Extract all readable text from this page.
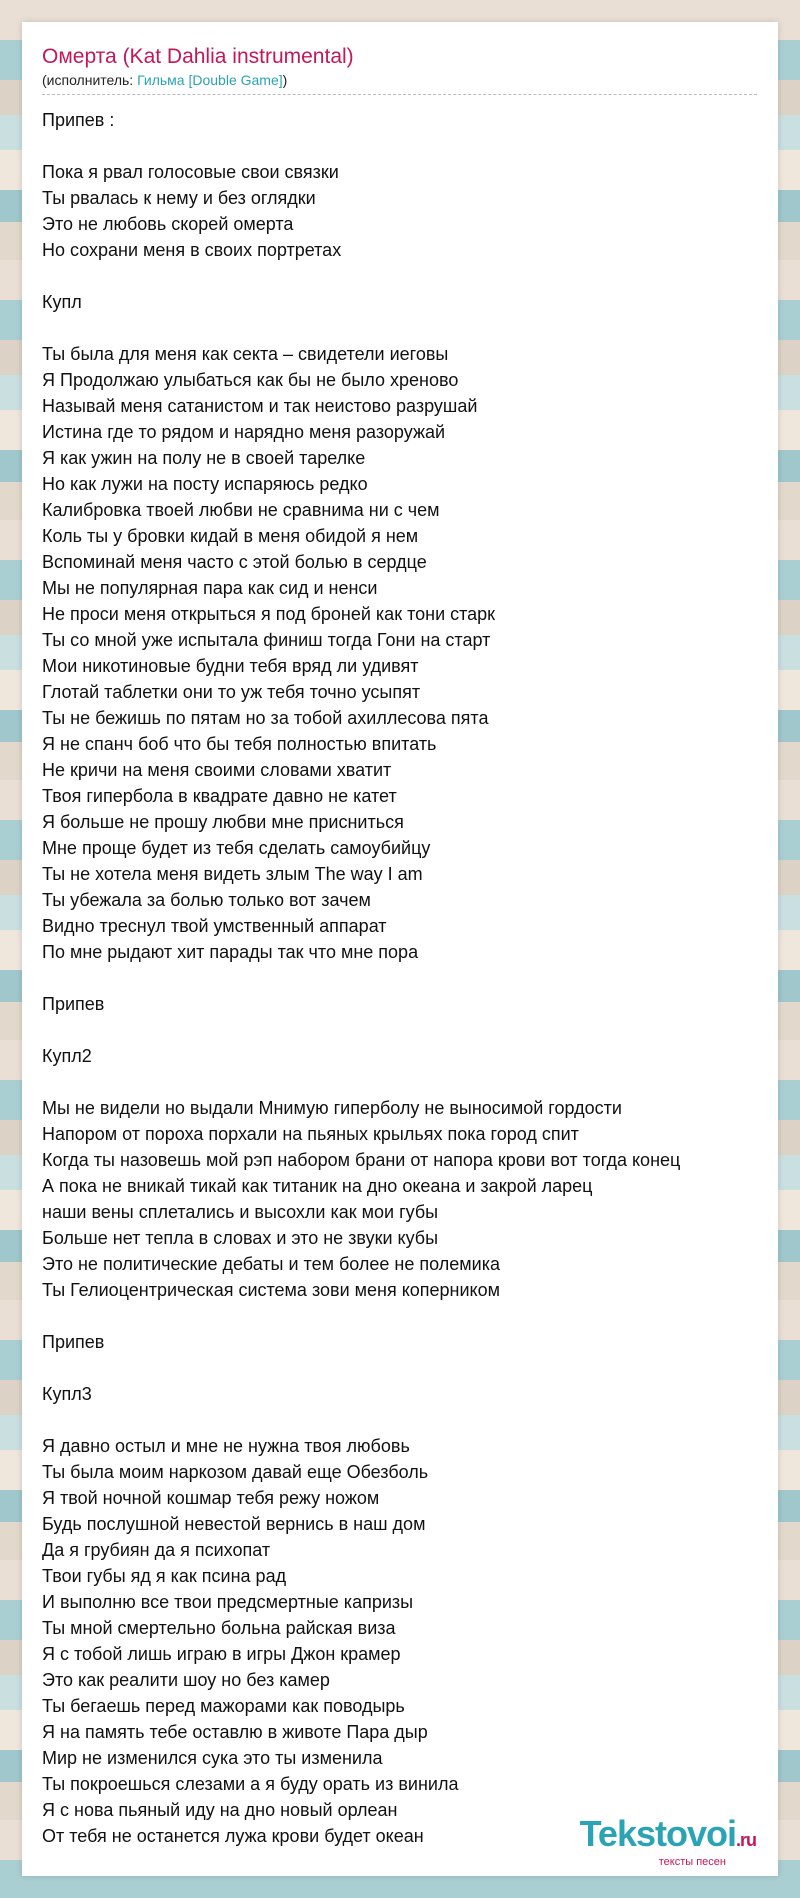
Омерта (Kat Dahlia instrumental)
(исполнитель: Гильма [Double Game])
Припев :

Пока я рвал голосовые свои связки
Ты рвалась к нему и без оглядки
Это не любовь скорей омерта
Но сохрани меня в своих портретах

Купл

Ты была для меня как секта – свидетели иеговы
Я Продолжаю улыбаться как бы не было хреново
Называй меня сатанистом и так неистово разрушай
Истина где то рядом и нарядно меня разоружай
Я как ужин на полу не в своей тарелке
Но как лужи на посту испаряюсь редко
Калибровка твоей любви не сравнима ни с чем
Коль ты у бровки кидай в меня обидой я нем
Вспоминай меня часто с этой болью в сердце
Мы не популярная пара как сид и ненси
Не проси меня открыться я под броней как тони старк
Ты со мной уже испытала финиш тогда Гони на старт
Мои никотиновые будни тебя вряд ли удивят
Глотай таблетки они то уж тебя точно усыпят
Ты не бежишь по пятам но за тобой ахиллесова пята
Я не спанч боб что бы тебя полностью впитать
Не кричи на меня своими словами хватит
Твоя гипербола в квадрате давно не катет
Я больше не прошу любви мне присниться
Мне проще будет из тебя сделать самоубийцу
Ты не хотела меня видеть злым The way I am
Ты убежала за болью только вот зачем
Видно треснул твой умственный аппарат
По мне рыдают хит парады так что мне пора

Припев

Купл2

Мы не видели но выдали Мнимую гиперболу не выносимой гордости
Напором от пороха порхали на пьяных крыльях пока город спит
Когда ты назовешь мой рэп набором брани от напора крови вот тогда конец
А пока не вникай тикай как титаник на дно океана и закрой ларец
наши вены сплетались и высохли как мои губы
Больше нет тепла в словах и это не звуки кубы
Это не политические дебаты и тем более не полемика
Ты Гелиоцентрическая система зови меня коперником

Припев

Купл3

Я давно остыл и мне не нужна твоя любовь
Ты была моим наркозом давай еще Обезболь
Я твой ночной кошмар тебя режу ножом
Будь послушной невестой вернись в наш дом
Да я грубиян да я психопат
Твои губы яд я как псина рад
И выполню все твои предсмертные капризы
Ты мной смертельно больна райская виза
Я с тобой лишь играю в игры Джон крамер
Это как реалити шоу но без камер
Ты бегаешь перед мажорами как поводырь
Я на память тебе оставлю в животе Пара дыр
Мир не изменился сука это ты изменила
Ты покроешься слезами а я буду орать из винила
Я с нова пьяный иду на дно новый орлеан
От тебя не останется лужа крови будет океан	Tekstovoi.ru
тексты песен
